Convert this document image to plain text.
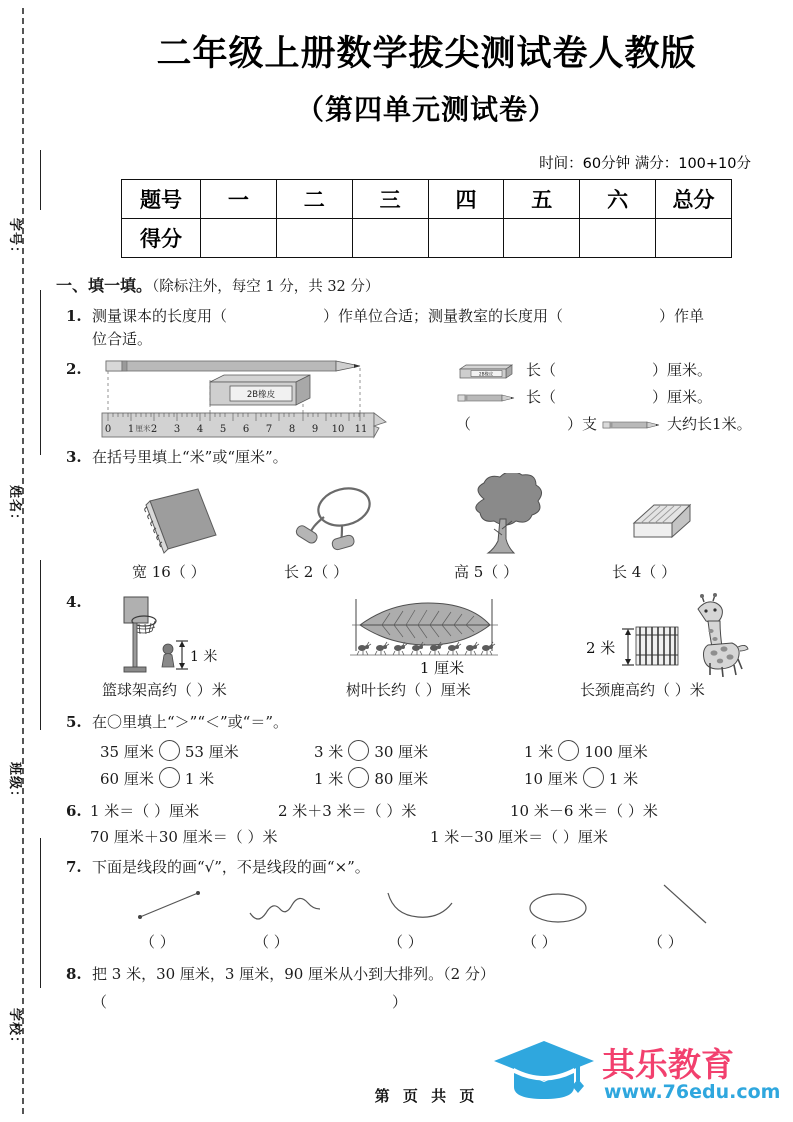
学号：
姓名：
班级：
学校：
二年级上册数学拔尖测试卷人教版
（第四单元测试卷）
时间：60分钟 满分：100+10分
题号	一	二	三	四	五	六	总分
得分							
一、填一填。（除标注外，每空 1 分，共 32 分）
1. 测量课本的长度用（	）作单位合适；测量教室的长度用（	）作单
位合适。
2.
2B橡皮
0 1 2 3 4 5 6 7 8 9 10 11
厘米
2B橡皮 长（	）厘米。
长（	）厘米。
（	）支	大约长1米。
3. 在括号里填上“米”或“厘米”。
宽 16（ ）	长 2（ ）	高 5（ ）	长 4（ ）
4.
1 米
1 厘米
2 米
篮球架高约（ ）米	树叶长约（ ）厘米	长颈鹿高约（ ）米
5. 在〇里填上“＞”“＜”或“＝”。
35 厘米 53 厘米	3 米 30 厘米	1 米 100 厘米
60 厘米 1 米	1 米 80 厘米	10 厘米 1 米
6. 1 米＝（ ）厘米	2 米＋3 米＝（ ）米	10 米－6 米＝（ ）米
70 厘米＋30 厘米＝（ ）米	1 米－30 厘米＝（ ）厘米
7. 下面是线段的画“√”，不是线段的画“×”。
（ ）	（ ）	（ ）	（ ）	（ ）
8. 把 3 米，30 厘米，3 厘米，90 厘米从小到大排列。（2 分）
（	）
第 页 共 页
其乐教育
www.76edu.com
